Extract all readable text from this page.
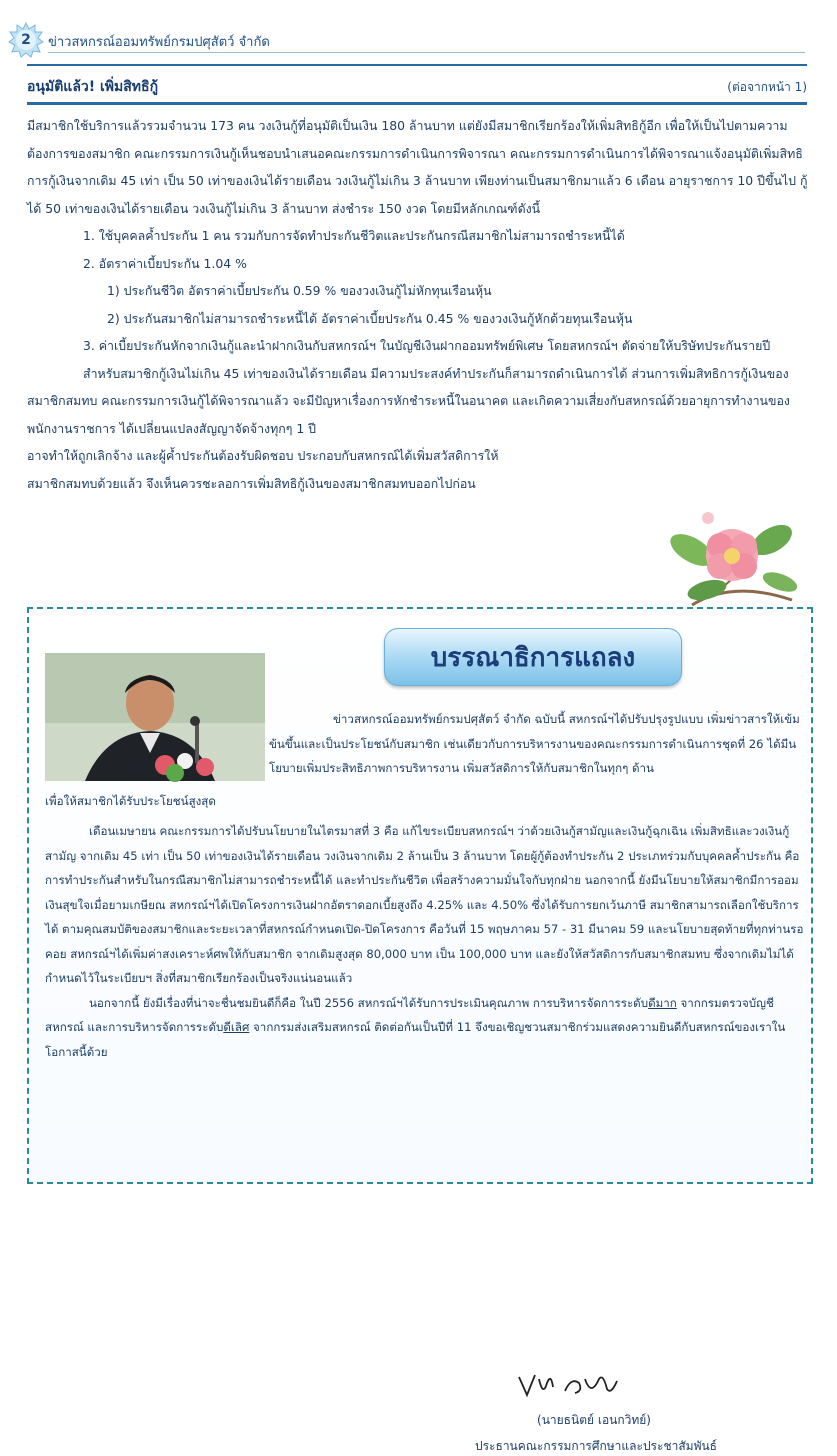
2	ข่าวสหกรณ์ออมทรัพย์กรมปศุสัตว์ จำกัด
อนุมัติแล้ว! เพิ่มสิทธิกู้	(ต่อจากหน้า 1)

มีสมาชิกใช้บริการแล้วรวมจำนวน 173 คน วงเงินกู้ที่อนุมัติเป็นเงิน 180 ล้านบาท แต่ยังมีสมาชิกเรียกร้องให้เพิ่มสิทธิกู้อีก เพื่อให้เป็นไปตามความต้องการของสมาชิก คณะกรรมการเงินกู้เห็นชอบนำเสนอคณะกรรมการดำเนินการพิจารณา คณะกรรมการดำเนินการได้พิจารณาแจ้งอนุมัติเพิ่มสิทธิการกู้เงินจากเดิม 45 เท่า เป็น 50 เท่าของเงินได้รายเดือน วงเงินกู้ไม่เกิน 3 ล้านบาท เพียงท่านเป็นสมาชิกมาแล้ว 6 เดือน อายุราชการ 10 ปีขึ้นไป กู้ได้ 50 เท่าของเงินได้รายเดือน วงเงินกู้ไม่เกิน 3 ล้านบาท ส่งชำระ 150 งวด โดยมีหลักเกณฑ์ดังนี้

1. ใช้บุคคลค้ำประกัน 1 คน รวมกับการจัดทำประกันชีวิตและประกันกรณีสมาชิกไม่สามารถชำระหนี้ได้

2. อัตราค่าเบี้ยประกัน 1.04 %

1) ประกันชีวิต อัตราค่าเบี้ยประกัน 0.59 % ของวงเงินกู้ไม่หักทุนเรือนหุ้น

2) ประกันสมาชิกไม่สามารถชำระหนี้ได้ อัตราค่าเบี้ยประกัน 0.45 % ของวงเงินกู้หักด้วยทุนเรือนหุ้น

3. ค่าเบี้ยประกันหักจากเงินกู้และนำฝากเงินกับสหกรณ์ฯ ในบัญชีเงินฝากออมทรัพย์พิเศษ โดยสหกรณ์ฯ ตัดจ่ายให้บริษัทประกันรายปี

สำหรับสมาชิกกู้เงินไม่เกิน 45 เท่าของเงินได้รายเดือน มีความประสงค์ทำประกันก็สามารถดำเนินการได้ ส่วนการเพิ่มสิทธิการกู้เงินของสมาชิกสมทบ คณะกรรมการเงินกู้ได้พิจารณาแล้ว จะมีปัญหาเรื่องการหักชำระหนี้ในอนาคต และเกิดความเสี่ยงกับสหกรณ์ด้วยอายุการทำงานของพนักงานราชการ ได้เปลี่ยนแปลงสัญญาจัดจ้างทุกๆ 1 ปี

อาจทำให้ถูกเลิกจ้าง และผู้ค้ำประกันต้องรับผิดชอบ ประกอบกับสหกรณ์ได้เพิ่มสวัสดิการให้

สมาชิกสมทบด้วยแล้ว จึงเห็นควรชะลอการเพิ่มสิทธิกู้เงินของสมาชิกสมทบออกไปก่อน

บรรณาธิการแถลง
ข่าวสหกรณ์ออมทรัพย์กรมปศุสัตว์ จำกัด ฉบับนี้ สหกรณ์ฯได้ปรับปรุงรูปแบบ เพิ่มข่าวสารให้เข้มข้นขึ้นและเป็นประโยชน์กับสมาชิก เช่นเดียวกับการบริหารงานของคณะกรรมการดำเนินการชุดที่ 26 ได้มีนโยบายเพิ่มประสิทธิภาพการบริหารงาน เพิ่มสวัสดิการให้กับสมาชิกในทุกๆ ด้าน
เพื่อให้สมาชิกได้รับประโยชน์สูงสุด

เดือนเมษายน คณะกรรมการได้ปรับนโยบายในไตรมาสที่ 3 คือ แก้ไขระเบียบสหกรณ์ฯ ว่าด้วยเงินกู้สามัญและเงินกู้ฉุกเฉิน เพิ่มสิทธิและวงเงินกู้สามัญ จากเดิม 45 เท่า เป็น 50 เท่าของเงินได้รายเดือน วงเงินจากเดิม 2 ล้านเป็น 3 ล้านบาท โดยผู้กู้ต้องทำประกัน 2 ประเภทร่วมกับบุคคลค้ำประกัน คือการทำประกันสำหรับในกรณีสมาชิกไม่สามารถชำระหนี้ได้ และทำประกันชีวิต เพื่อสร้างความมั่นใจกับทุกฝ่าย นอกจากนี้ ยังมีนโยบายให้สมาชิกมีการออมเงินสุขใจเมื่อยามเกษียณ สหกรณ์ฯได้เปิดโครงการเงินฝากอัตราดอกเบี้ยสูงถึง 4.25% และ 4.50% ซึ่งได้รับการยกเว้นภาษี สมาชิกสามารถเลือกใช้บริการได้ ตามคุณสมบัติของสมาชิกและระยะเวลาที่สหกรณ์กำหนดเปิด-ปิดโครงการ คือวันที่ 15 พฤษภาคม 57 - 31 มีนาคม 59 และนโยบายสุดท้ายที่ทุกท่านรอคอย สหกรณ์ฯได้เพิ่มค่าสงเคราะห์ศพให้กับสมาชิก จากเดิมสูงสุด 80,000 บาท เป็น 100,000 บาท และยังให้สวัสดิการกับสมาชิกสมทบ ซึ่งจากเดิมไม่ได้กำหนดไว้ในระเบียบฯ สิ่งที่สมาชิกเรียกร้องเป็นจริงแน่นอนแล้ว

นอกจากนี้ ยังมีเรื่องที่น่าจะชื่นชมยินดีก็คือ ในปี 2556 สหกรณ์ฯได้รับการประเมินคุณภาพ การบริหารจัดการระดับดีมาก จากกรมตรวจบัญชีสหกรณ์ และการบริหารจัดการระดับดีเลิศ จากกรมส่งเสริมสหกรณ์ ติดต่อกันเป็นปีที่ 11 จึงขอเชิญชวนสมาชิกร่วมแสดงความยินดีกับสหกรณ์ของเราในโอกาสนี้ด้วย

(นายธนิตย์ เอนกวิทย์)
ประธานคณะกรรมการศึกษาและประชาสัมพันธ์
